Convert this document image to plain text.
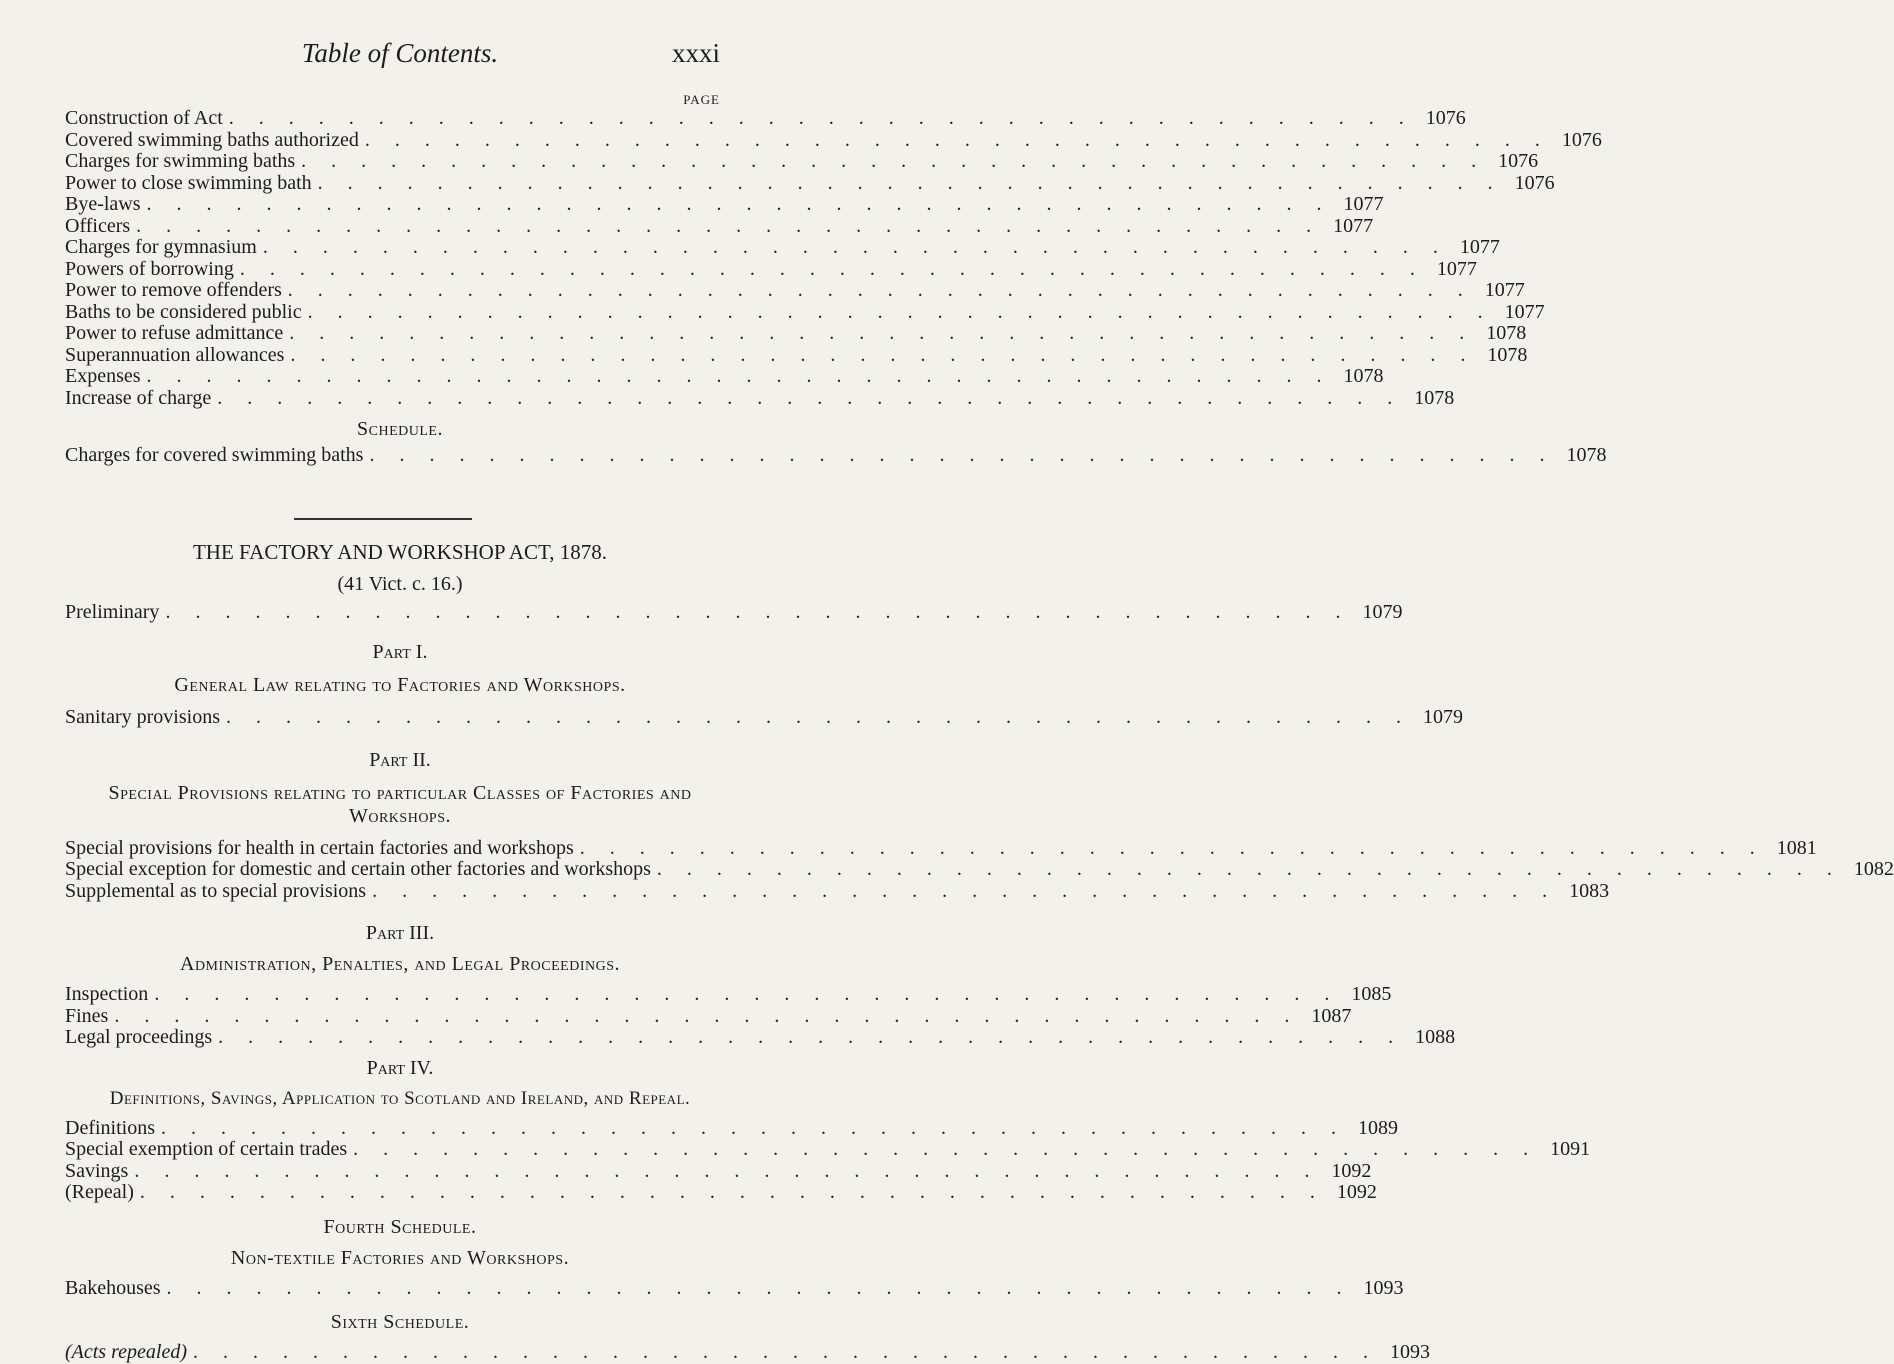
Table of Contents.	xxxi
PAGE
Construction of Act . . . . . . . . . . . . . . . . . . . . . . . . . . . . . . . . . . . . . . . . 1076
Covered swimming baths authorized . . . . . . . . . . . . . . . . . . . . . . . . . . . . . . . . . . . . . . . . 1076
Charges for swimming baths . . . . . . . . . . . . . . . . . . . . . . . . . . . . . . . . . . . . . . . . 1076
Power to close swimming bath . . . . . . . . . . . . . . . . . . . . . . . . . . . . . . . . . . . . . . . . 1076
Bye-laws . . . . . . . . . . . . . . . . . . . . . . . . . . . . . . . . . . . . . . . . 1077
Officers . . . . . . . . . . . . . . . . . . . . . . . . . . . . . . . . . . . . . . . . 1077
Charges for gymnasium . . . . . . . . . . . . . . . . . . . . . . . . . . . . . . . . . . . . . . . . 1077
Powers of borrowing . . . . . . . . . . . . . . . . . . . . . . . . . . . . . . . . . . . . . . . . 1077
Power to remove offenders . . . . . . . . . . . . . . . . . . . . . . . . . . . . . . . . . . . . . . . . 1077
Baths to be considered public . . . . . . . . . . . . . . . . . . . . . . . . . . . . . . . . . . . . . . . . 1077
Power to refuse admittance . . . . . . . . . . . . . . . . . . . . . . . . . . . . . . . . . . . . . . . . 1078
Superannuation allowances . . . . . . . . . . . . . . . . . . . . . . . . . . . . . . . . . . . . . . . . 1078
Expenses . . . . . . . . . . . . . . . . . . . . . . . . . . . . . . . . . . . . . . . . 1078
Increase of charge . . . . . . . . . . . . . . . . . . . . . . . . . . . . . . . . . . . . . . . . 1078
Schedule.
Charges for covered swimming baths . . . . . . . . . . . . . . . . . . . . . . . . . . . . . . . . . . . . . . . . 1078
THE FACTORY AND WORKSHOP ACT, 1878.
(41 Vict. c. 16.)
Preliminary . . . . . . . . . . . . . . . . . . . . . . . . . . . . . . . . . . . . . . . . 1079
Part I.
General Law relating to Factories and Workshops.
Sanitary provisions . . . . . . . . . . . . . . . . . . . . . . . . . . . . . . . . . . . . . . . . 1079
Part II.
Special Provisions relating to particular Classes of Factories and
Workshops.
Special provisions for health in certain factories and workshops . . . . . . . . . . . . . . . . . . . . . . . . . . . . . . . . . . . . . . . . 1081
Special exception for domestic and certain other factories and workshops . . . . . . . . . . . . . . . . . . . . . . . . . . . . . . . . . . . . . . . . 1082
Supplemental as to special provisions . . . . . . . . . . . . . . . . . . . . . . . . . . . . . . . . . . . . . . . . 1083
Part III.
Administration, Penalties, and Legal Proceedings.
Inspection . . . . . . . . . . . . . . . . . . . . . . . . . . . . . . . . . . . . . . . . 1085
Fines . . . . . . . . . . . . . . . . . . . . . . . . . . . . . . . . . . . . . . . . 1087
Legal proceedings . . . . . . . . . . . . . . . . . . . . . . . . . . . . . . . . . . . . . . . . 1088
Part IV.
Definitions, Savings, Application to Scotland and Ireland, and Repeal.
Definitions . . . . . . . . . . . . . . . . . . . . . . . . . . . . . . . . . . . . . . . . 1089
Special exemption of certain trades . . . . . . . . . . . . . . . . . . . . . . . . . . . . . . . . . . . . . . . . 1091
Savings . . . . . . . . . . . . . . . . . . . . . . . . . . . . . . . . . . . . . . . . 1092
(Repeal) . . . . . . . . . . . . . . . . . . . . . . . . . . . . . . . . . . . . . . . . 1092
Fourth Schedule.
Non-textile Factories and Workshops.
Bakehouses . . . . . . . . . . . . . . . . . . . . . . . . . . . . . . . . . . . . . . . . 1093
Sixth Schedule.
(Acts repealed) . . . . . . . . . . . . . . . . . . . . . . . . . . . . . . . . . . . . . . . . 1093
